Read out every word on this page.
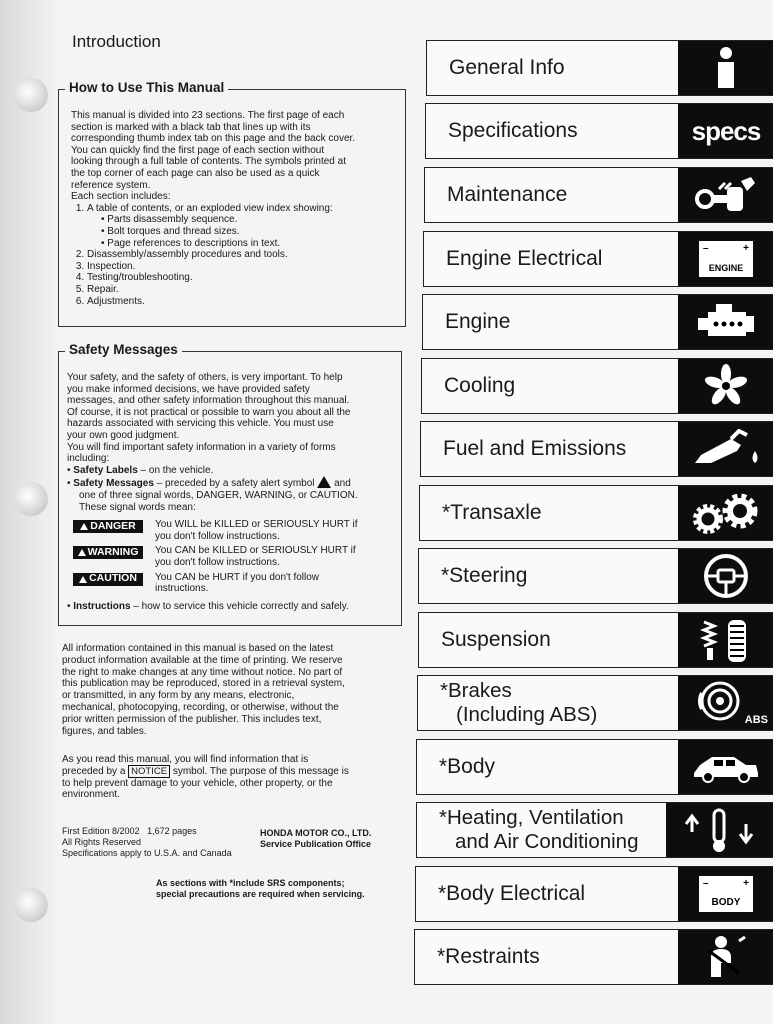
Introduction
How to Use This Manual

This manual is divided into 23 sections. The first page of each

section is marked with a black tab that lines up with its

corresponding thumb index tab on this page and the back cover.

You can quickly find the first page of each section without

looking through a full table of contents. The symbols printed at

the top corner of each page can also be used as a quick

reference system.

Each section includes:

1. A table of contents, or an exploded view index showing:
• Parts disassembly sequence.
• Bolt torques and thread sizes.
• Page references to descriptions in text.
2. Disassembly/assembly procedures and tools.
3. Inspection.
4. Testing/troubleshooting.
5. Repair.
6. Adjustments.
Safety Messages

Your safety, and the safety of others, is very important. To help

you make informed decisions, we have provided safety

messages, and other safety information throughout this manual.

Of course, it is not practical or possible to warn you about all the

hazards associated with servicing this vehicle. You must use

your own good judgment.

You will find important safety information in a variety of forms

including:

• Safety Labels – on the vehicle.

• Safety Messages – preceded by a safety alert symbol  and

one of three signal words, DANGER, WARNING, or CAUTION.

These signal words mean:

DANGER You WILL be KILLED or SERIOUSLY HURT if

you don't follow instructions.

WARNING You CAN be KILLED or SERIOUSLY HURT if

you don't follow instructions.

CAUTION You CAN be HURT if you don't follow

instructions.

• Instructions – how to service this vehicle correctly and safely.

All information contained in this manual is based on the latest
product information available at the time of printing. We reserve
the right to make changes at any time without notice. No part of
this publication may be reproduced, stored in a retrieval system,
or transmitted, in any form by any means, electronic,
mechanical, photocopying, recording, or otherwise, without the
prior written permission of the publisher. This includes text,
figures, and tables.
As you read this manual, you will find information that is
preceded by a NOTICE symbol. The purpose of this message is
to help prevent damage to your vehicle, other property, or the
environment.
First Edition 8/2002 1,672 pages
All Rights Reserved
Specifications apply to U.S.A. and Canada
HONDA MOTOR CO., LTD.
Service Publication Office
As sections with *include SRS components;
special precautions are required when servicing.
General Info
Specifications	specs
Maintenance
Engine Electrical	–	+
ENGINE
Engine
Cooling
Fuel and Emissions
*Transaxle
*Steering
Suspension
*Brakes
(Including ABS)	ABS
*Body
*Heating, Ventilation
and Air Conditioning
*Body Electrical	–	+
BODY
*Restraints
